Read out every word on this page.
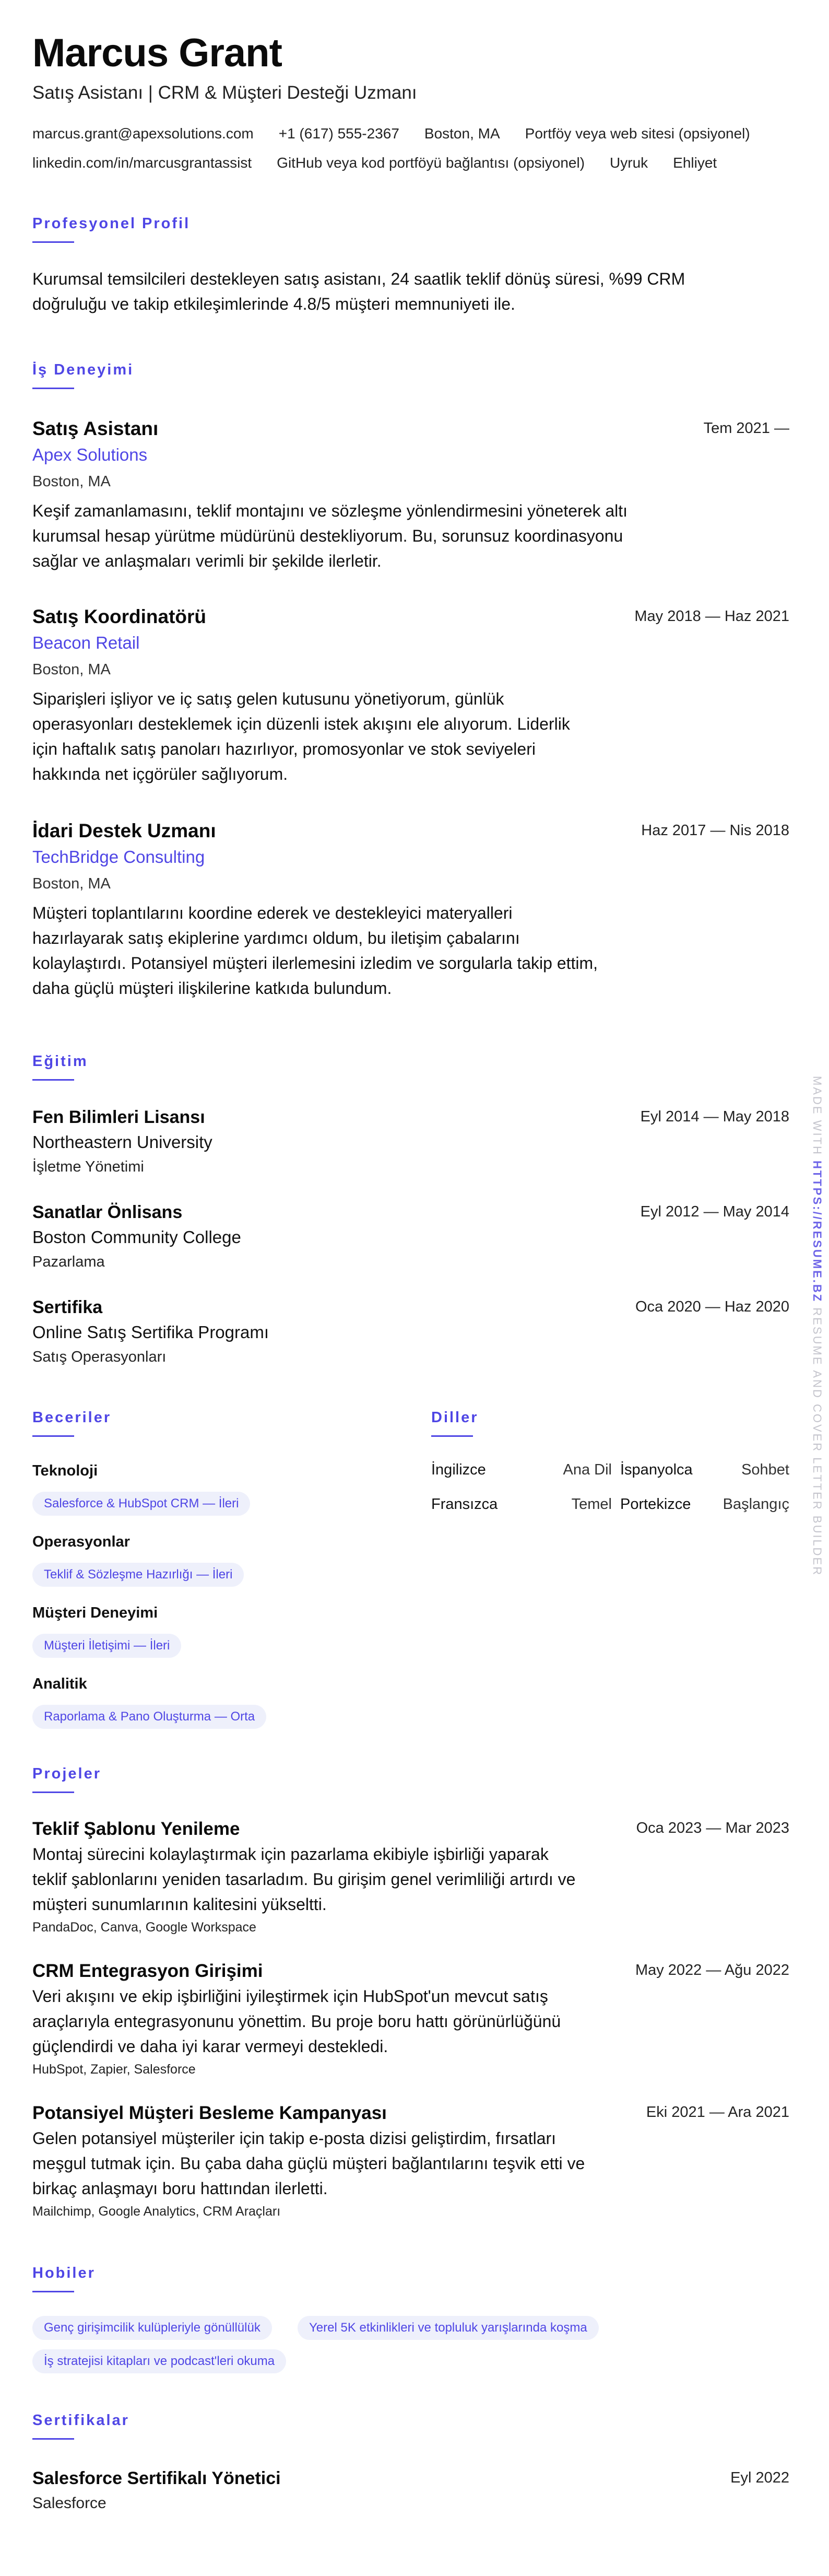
Marcus Grant
Satış Asistanı | CRM & Müşteri Desteği Uzmanı
marcus.grant@apexsolutions.com +1 (617) 555-2367 Boston, MA Portföy veya web sitesi (opsiyonel)
linkedin.com/in/marcusgrantassist GitHub veya kod portföyü bağlantısı (opsiyonel) Uyruk Ehliyet
Profesyonel Profil
Kurumsal temsilcileri destekleyen satış asistanı, 24 saatlik teklif dönüş süresi, %99 CRM
doğruluğu ve takip etkileşimlerinde 4.8/5 müşteri memnuniyeti ile.
İş Deneyimi
Satış Asistanı	Tem 2021 —
Apex Solutions
Boston, MA
Keşif zamanlamasını, teklif montajını ve sözleşme yönlendirmesini yöneterek altı
kurumsal hesap yürütme müdürünü destekliyorum. Bu, sorunsuz koordinasyonu
sağlar ve anlaşmaları verimli bir şekilde ilerletir.
Satış Koordinatörü	May 2018 — Haz 2021
Beacon Retail
Boston, MA
Siparişleri işliyor ve iç satış gelen kutusunu yönetiyorum, günlük
operasyonları desteklemek için düzenli istek akışını ele alıyorum. Liderlik
için haftalık satış panoları hazırlıyor, promosyonlar ve stok seviyeleri
hakkında net içgörüler sağlıyorum.
İdari Destek Uzmanı	Haz 2017 — Nis 2018
TechBridge Consulting
Boston, MA
Müşteri toplantılarını koordine ederek ve destekleyici materyalleri
hazırlayarak satış ekiplerine yardımcı oldum, bu iletişim çabalarını
kolaylaştırdı. Potansiyel müşteri ilerlemesini izledim ve sorgularla takip ettim,
daha güçlü müşteri ilişkilerine katkıda bulundum.
Eğitim
Fen Bilimleri Lisansı	Eyl 2014 — May 2018
Northeastern University
İşletme Yönetimi
Sanatlar Önlisans	Eyl 2012 — May 2014
Boston Community College
Pazarlama
Sertifika	Oca 2020 — Haz 2020
Online Satış Sertifika Programı
Satış Operasyonları
Beceriler
Teknoloji
Salesforce & HubSpot CRM — İleri
Operasyonlar
Teklif & Sözleşme Hazırlığı — İleri
Müşteri Deneyimi
Müşteri İletişimi — İleri
Analitik
Raporlama & Pano Oluşturma — Orta
Diller
İngilizce	Ana Dil İspanyolca	Sohbet
Fransızca	Temel Portekizce	Başlangıç
Projeler
Teklif Şablonu Yenileme	Oca 2023 — Mar 2023
Montaj sürecini kolaylaştırmak için pazarlama ekibiyle işbirliği yaparak
teklif şablonlarını yeniden tasarladım. Bu girişim genel verimliliği artırdı ve
müşteri sunumlarının kalitesini yükseltti.
PandaDoc, Canva, Google Workspace
CRM Entegrasyon Girişimi	May 2022 — Ağu 2022
Veri akışını ve ekip işbirliğini iyileştirmek için HubSpot'un mevcut satış
araçlarıyla entegrasyonunu yönettim. Bu proje boru hattı görünürlüğünü
güçlendirdi ve daha iyi karar vermeyi destekledi.
HubSpot, Zapier, Salesforce
Potansiyel Müşteri Besleme Kampanyası	Eki 2021 — Ara 2021
Gelen potansiyel müşteriler için takip e-posta dizisi geliştirdim, fırsatları
meşgul tutmak için. Bu çaba daha güçlü müşteri bağlantılarını teşvik etti ve
birkaç anlaşmayı boru hattından ilerletti.
Mailchimp, Google Analytics, CRM Araçları
Hobiler
Genç girişimcilik kulüpleriyle gönüllülük	Yerel 5K etkinlikleri ve topluluk yarışlarında koşma
İş stratejisi kitapları ve podcast'leri okuma
Sertifikalar
Salesforce Sertifikalı Yönetici	Eyl 2022
Salesforce
MADE WITH HTTPS://RESUME.BZ RESUME AND COVER LETTER BUILDER
